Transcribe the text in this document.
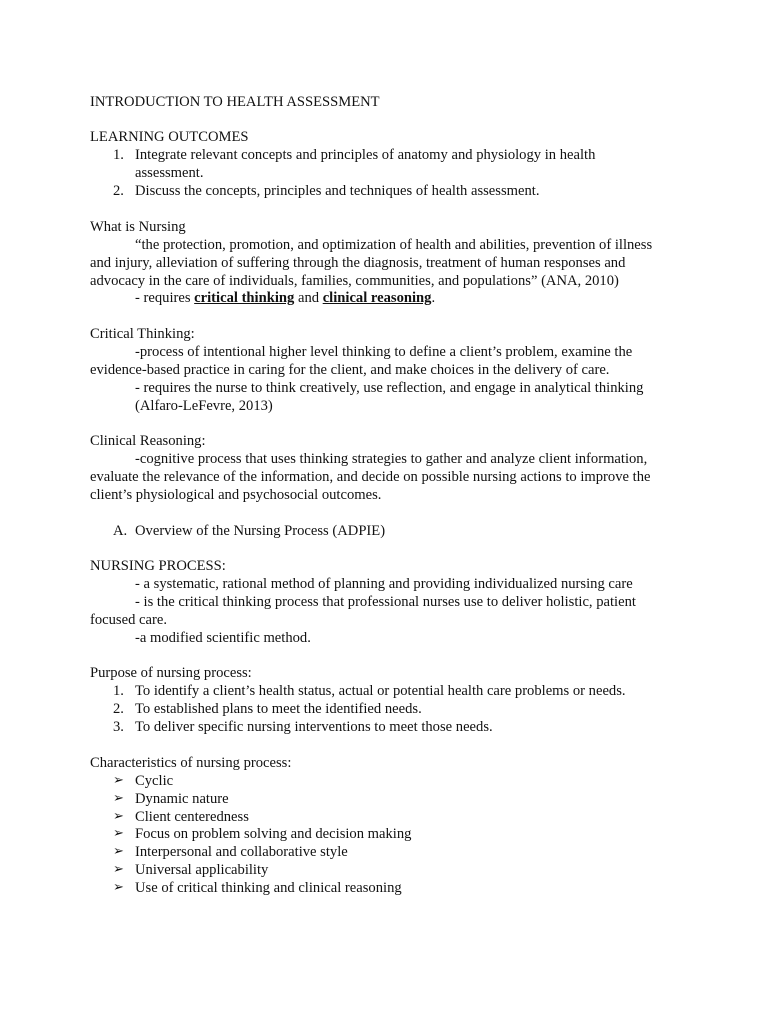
INTRODUCTION TO HEALTH ASSESSMENT
LEARNING OUTCOMES
1. Integrate relevant concepts and principles of anatomy and physiology in health
assessment.
2. Discuss the concepts, principles and techniques of health assessment.
What is Nursing
“the protection, promotion, and optimization of health and abilities, prevention of illness
and injury, alleviation of suffering through the diagnosis, treatment of human responses and
advocacy in the care of individuals, families, communities, and populations” (ANA, 2010)
- requires critical thinking and clinical reasoning.
Critical Thinking:
-process of intentional higher level thinking to define a client’s problem, examine the
evidence-based practice in caring for the client, and make choices in the delivery of care.
- requires the nurse to think creatively, use reflection, and engage in analytical thinking
(Alfaro-LeFevre, 2013)
Clinical Reasoning:
-cognitive process that uses thinking strategies to gather and analyze client information,
evaluate the relevance of the information, and decide on possible nursing actions to improve the
client’s physiological and psychosocial outcomes.
A. Overview of the Nursing Process (ADPIE)
NURSING PROCESS:
- a systematic, rational method of planning and providing individualized nursing care
- is the critical thinking process that professional nurses use to deliver holistic, patient
focused care.
-a modified scientific method.
Purpose of nursing process:
1. To identify a client’s health status, actual or potential health care problems or needs.
2. To established plans to meet the identified needs.
3. To deliver specific nursing interventions to meet those needs.
Characteristics of nursing process:
➢ Cyclic
➢ Dynamic nature
➢ Client centeredness
➢ Focus on problem solving and decision making
➢ Interpersonal and collaborative style
➢ Universal applicability
➢ Use of critical thinking and clinical reasoning
